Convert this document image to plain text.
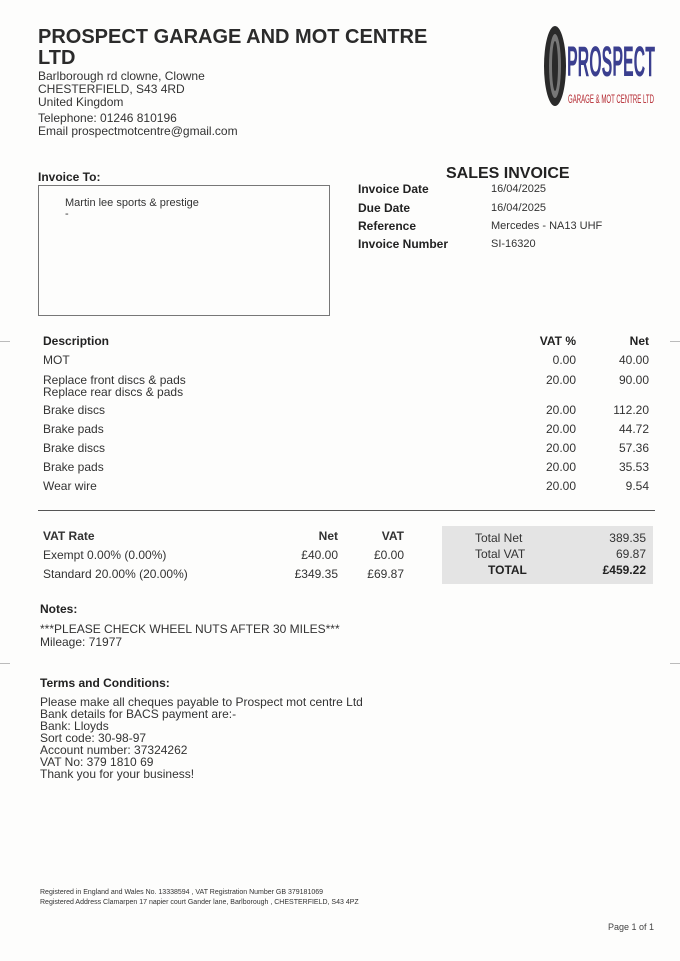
PROSPECT GARAGE AND MOT CENTRE LTD
Barlborough rd clowne, Clowne
CHESTERFIELD, S43 4RD
United Kingdom
Telephone: 01246 810196
Email prospectmotcentre@gmail.com
PROSPECT
GARAGE & MOT CENTRE LTD
Invoice To:
Martin lee sports & prestige
-
SALES INVOICE
Invoice Date	16/04/2025
Due Date	16/04/2025
Reference	Mercedes - NA13 UHF
Invoice Number	SI-16320
Description	VAT %	Net
MOT	0.00	40.00
Replace front discs & pads
Replace rear discs & pads
20.00	90.00
Brake discs	20.00	112.20
Brake pads	20.00	44.72
Brake discs	20.00	57.36
Brake pads	20.00	35.53
Wear wire	20.00	9.54
VAT Rate	Net	VAT
Exempt 0.00% (0.00%)	£40.00	£0.00
Standard 20.00% (20.00%)	£349.35 £69.87
Total Net	389.35
Total VAT	69.87
TOTAL	£459.22
Notes:
***PLEASE CHECK WHEEL NUTS AFTER 30 MILES***
Mileage: 71977
Terms and Conditions:
Please make all cheques payable to Prospect mot centre Ltd
Bank details for BACS payment are:-
Bank: Lloyds
Sort code: 30-98-97
Account number: 37324262
VAT No: 379 1810 69
Thank you for your business!
Registered in England and Wales No. 13338594 , VAT Registration Number GB 379181069
Registered Address Clamarpen 17 napier court Gander lane, Barlborough , CHESTERFIELD, S43 4PZ
Page 1 of 1
